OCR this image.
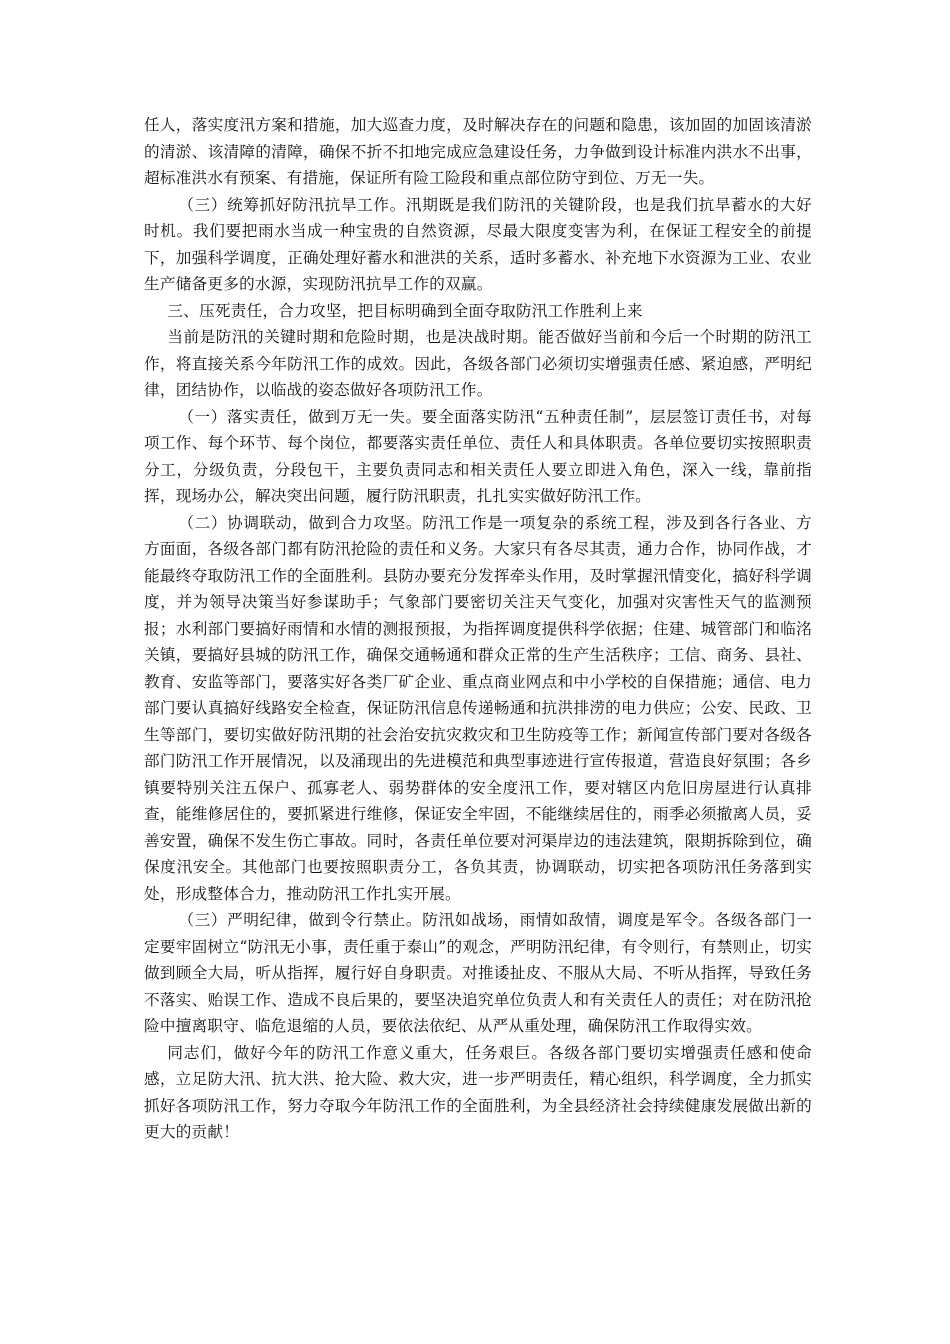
任人，落实度汛方案和措施，加大巡查力度，及时解决存在的问题和隐患，该加固的加固该清淤的清淤、该清障的清障，确保不折不扣地完成应急建设任务，力争做到设计标准内洪水不出事，超标准洪水有预案、有措施，保证所有险工险段和重点部位防守到位、万无一失。

（三）统筹抓好防汛抗旱工作。汛期既是我们防汛的关键阶段，也是我们抗旱蓄水的大好时机。我们要把雨水当成一种宝贵的自然资源，尽最大限度变害为利，在保证工程安全的前提下，加强科学调度，正确处理好蓄水和泄洪的关系，适时多蓄水、补充地下水资源为工业、农业生产储备更多的水源，实现防汛抗旱工作的双赢。

三、压死责任，合力攻坚，把目标明确到全面夺取防汛工作胜利上来

当前是防汛的关键时期和危险时期，也是决战时期。能否做好当前和今后一个时期的防汛工作，将直接关系今年防汛工作的成效。因此，各级各部门必须切实增强责任感、紧迫感，严明纪律，团结协作，以临战的姿态做好各项防汛工作。

（一）落实责任，做到万无一失。要全面落实防汛“五种责任制”，层层签订责任书，对每项工作、每个环节、每个岗位，都要落实责任单位、责任人和具体职责。各单位要切实按照职责分工，分级负责，分段包干，主要负责同志和相关责任人要立即进入角色，深入一线，靠前指挥，现场办公，解决突出问题，履行防汛职责，扎扎实实做好防汛工作。

（二）协调联动，做到合力攻坚。防汛工作是一项复杂的系统工程，涉及到各行各业、方方面面，各级各部门都有防汛抢险的责任和义务。大家只有各尽其责，通力合作，协同作战，才能最终夺取防汛工作的全面胜利。县防办要充分发挥牵头作用，及时掌握汛情变化，搞好科学调度，并为领导决策当好参谋助手；气象部门要密切关注天气变化，加强对灾害性天气的监测预报；水利部门要搞好雨情和水情的测报预报，为指挥调度提供科学依据；住建、城管部门和临洺关镇，要搞好县城的防汛工作，确保交通畅通和群众正常的生产生活秩序；工信、商务、县社、教育、安监等部门，要落实好各类厂矿企业、重点商业网点和中小学校的自保措施；通信、电力部门要认真搞好线路安全检查，保证防汛信息传递畅通和抗洪排涝的电力供应；公安、民政、卫生等部门，要切实做好防汛期的社会治安抗灾救灾和卫生防疫等工作；新闻宣传部门要对各级各部门防汛工作开展情况，以及涌现出的先进模范和典型事迹进行宣传报道，营造良好氛围；各乡镇要特别关注五保户、孤寡老人、弱势群体的安全度汛工作，要对辖区内危旧房屋进行认真排查，能维修居住的，要抓紧进行维修，保证安全牢固，不能继续居住的，雨季必须撤离人员，妥善安置，确保不发生伤亡事故。同时，各责任单位要对河渠岸边的违法建筑，限期拆除到位，确保度汛安全。其他部门也要按照职责分工，各负其责，协调联动，切实把各项防汛任务落到实处，形成整体合力，推动防汛工作扎实开展。

（三）严明纪律，做到令行禁止。防汛如战场，雨情如敌情，调度是军令。各级各部门一定要牢固树立“防汛无小事，责任重于泰山”的观念，严明防汛纪律，有令则行，有禁则止，切实做到顾全大局，听从指挥，履行好自身职责。对推诿扯皮、不服从大局、不听从指挥，导致任务不落实、贻误工作、造成不良后果的，要坚决追究单位负责人和有关责任人的责任；对在防汛抢险中擅离职守、临危退缩的人员，要依法依纪、从严从重处理，确保防汛工作取得实效。

同志们，做好今年的防汛工作意义重大，任务艰巨。各级各部门要切实增强责任感和使命感，立足防大汛、抗大洪、抢大险、救大灾，进一步严明责任，精心组织，科学调度，全力抓实抓好各项防汛工作，努力夺取今年防汛工作的全面胜利，为全县经济社会持续健康发展做出新的更大的贡献！
